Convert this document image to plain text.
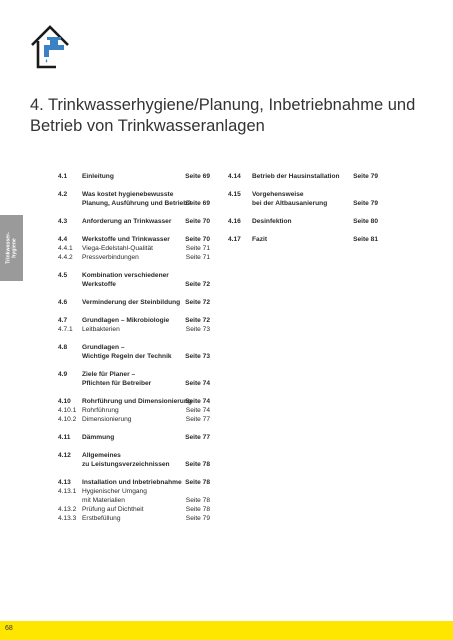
4. Trinkwasserhygiene/Planung, Inbetriebnahme und Betrieb von Trinkwasseranlagen
Trinkwasser- hygiene
4.1 Einleitung	Seite 69
4.2 Was kostet hygienebewusste
Planung, Ausführung und Betrieb?
Seite 69
4.3 Anforderung an Trinkwasser Seite 70
4.4 Werkstoffe und Trinkwasser Seite 70
4.4.1 Viega-Edelstahl-Qualität	Seite 71
4.4.2 Pressverbindungen	Seite 71
4.5 Kombination verschiedener
Werkstoffe	Seite 72
4.6 Verminderung der Steinbildung Seite 72
4.7 Grundlagen – Mikrobiologie Seite 72
4.7.1 Leitbakterien	Seite 73
4.8 Grundlagen –
Wichtige Regeln der Technik Seite 73
4.9 Ziele für Planer –
Pflichten für Betreiber	Seite 74
4.10 Rohrführung und Dimensionierung
Seite 74
4.10.1 Rohrführung	Seite 74
4.10.2 Dimensionierung	Seite 77
4.11 Dämmung	Seite 77
4.12 Allgemeines
zu Leistungsverzeichnissen Seite 78
4.13 Installation und Inbetriebnahme Seite 78
4.13.1 Hygienischer Umgang
mit Materialien	Seite 78
4.13.2 Prüfung auf Dichtheit	Seite 78
4.13.3 Erstbefüllung	Seite 79
4.14 Betrieb der Hausinstallation Seite 79
4.15 Vorgehensweise
bei der Altbausanierung	Seite 79
4.16 Desinfektion	Seite 80
4.17 Fazit	Seite 81
68
